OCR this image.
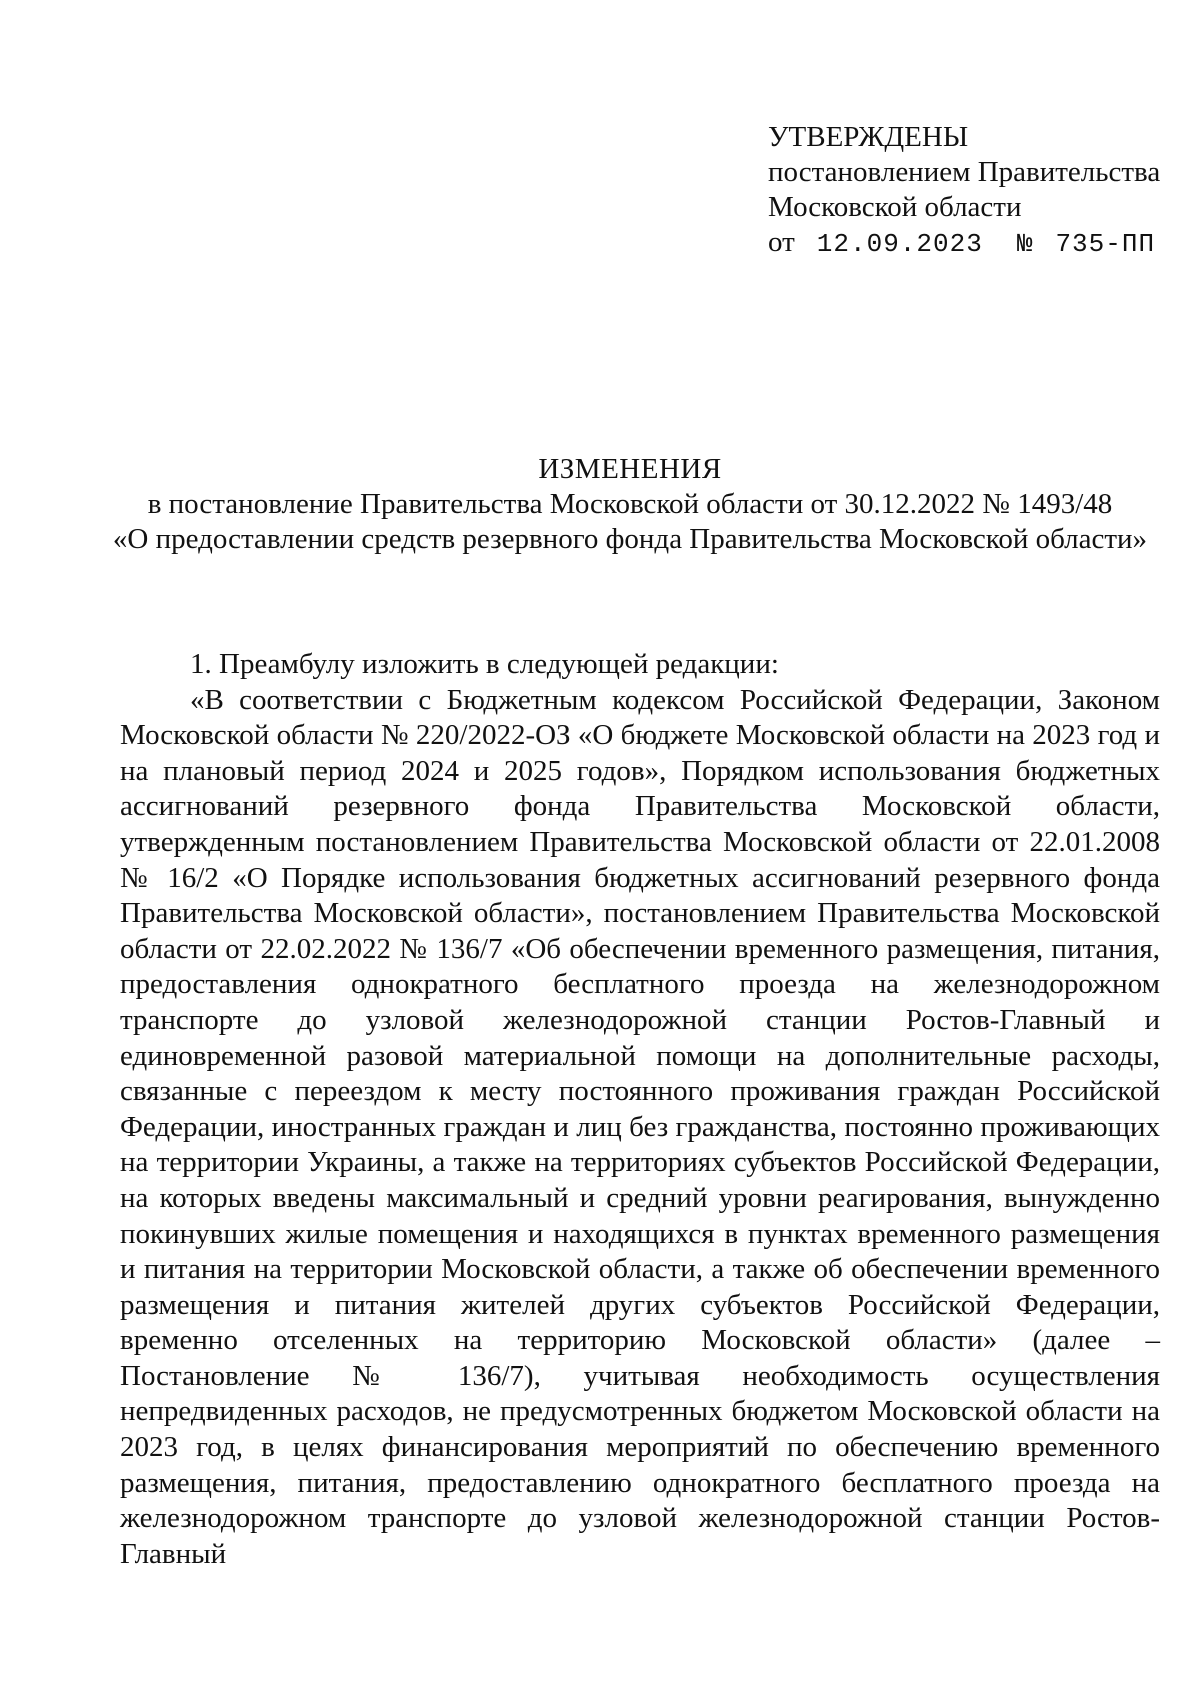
УТВЕРЖДЕНЫ
постановлением Правительства
Московской области
от 12.09.2023 № 735-ПП
ИЗМЕНЕНИЯ
в постановление Правительства Московской области от 30.12.2022 № 1493/48
«О предоставлении средств резервного фонда Правительства Московской области»

1. Преамбулу изложить в следующей редакции:

«В соответствии с Бюджетным кодексом Российской Федерации, Законом Московской области № 220/2022-ОЗ «О бюджете Московской области на 2023 год и на плановый период 2024 и 2025 годов», Порядком использования бюджетных ассигнований резервного фонда Правительства Московской области, утвержденным постановлением Правительства Московской области от 22.01.2008 № 16/2 «О Порядке использования бюджетных ассигнований резервного фонда Правительства Московской области», постановлением Правительства Московской области от 22.02.2022 № 136/7 «Об обеспечении временного размещения, питания, предоставления однократного бесплатного проезда на железнодорожном транспорте до узловой железнодорожной станции Ростов-Главный и единовременной разовой материальной помощи на дополнительные расходы, связанные с переездом к месту постоянного проживания граждан Российской Федерации, иностранных граждан и лиц без гражданства, постоянно проживающих на территории Украины, а также на территориях субъектов Российской Федерации, на которых введены максимальный и средний уровни реагирования, вынужденно покинувших жилые помещения и находящихся в пунктах временного размещения и питания на территории Московской области, а также об обеспечении временного размещения и питания жителей других субъектов Российской Федерации, временно отселенных на территорию Московской области» (далее – Постановление № 136/7), учитывая необходимость осуществления непредвиденных расходов, не предусмотренных бюджетом Московской области на 2023 год, в целях финансирования мероприятий по обеспечению временного размещения, питания, предоставлению однократного бесплатного проезда на железнодорожном транспорте до узловой железнодорожной станции Ростов-Главный
